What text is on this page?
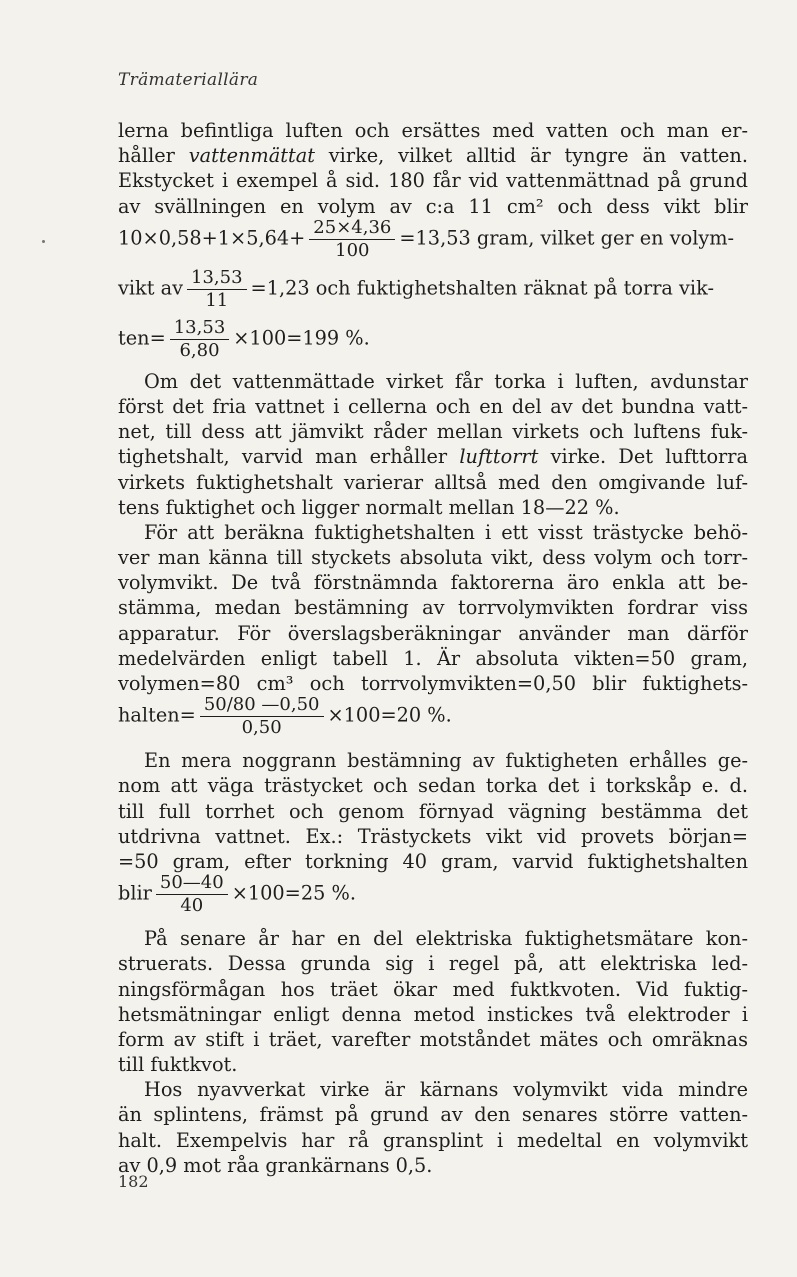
Trämateriallära
lerna befintliga luften och ersättes med vatten och man er-
håller vattenmättat virke, vilket alltid är tyngre än vatten.
Ekstycket i exempel å sid. 180 får vid vattenmättnad på grund
av svällningen en volym av c:a 11 cm² och dess vikt blir
$10\times 0,58+1\times 5,64+ \frac{25\times 4,36}{100} =13,53$ gram, vilket ger en volym-
vikt av $\frac{13,53}{11} =1,23$ och fuktighetshalten räknat på torra vik-
$ten= \frac{13,53}{6,80} \times 100=199$ %.
Om det vattenmättade virket får torka i luften, avdunstar
först det fria vattnet i cellerna och en del av det bundna vatt-
net, till dess att jämvikt råder mellan virkets och luftens fuk-
tighetshalt, varvid man erhåller lufttorrt virke. Det lufttorra
virkets fuktighetshalt varierar alltså med den omgivande luf-
tens fuktighet och ligger normalt mellan 18—22 %.
För att beräkna fuktighetshalten i ett visst trästycke behö-
ver man känna till styckets absoluta vikt, dess volym och torr-
volymvikt. De två förstnämnda faktorerna äro enkla att be-
stämma, medan bestämning av torrvolymvikten fordrar viss
apparatur. För överslagsberäkningar använder man därför
medelvärden enligt tabell 1. Är absoluta vikten=50 gram,
volymen=80 cm³ och torrvolymvikten=0,50 blir fuktighets-
halten= $\frac{50/80 —0,50}{0,50} \times 100=20$ %.
En mera noggrann bestämning av fuktigheten erhålles ge-
nom att väga trästycket och sedan torka det i torkskåp e. d.
till full torrhet och genom förnyad vägning bestämma det
utdrivna vattnet. Ex.: Trästyckets vikt vid provets början=
=50 gram, efter torkning 40 gram, varvid fuktighetshalten
blir $\frac{50—40}{40} \times 100=25$ %.
På senare år har en del elektriska fuktighetsmätare kon-
struerats. Dessa grunda sig i regel på, att elektriska led-
ningsförmågan hos träet ökar med fuktkvoten. Vid fuktig-
hetsmätningar enligt denna metod instickes två elektroder i
form av stift i träet, varefter motståndet mätes och omräknas
till fuktkvot.
Hos nyavverkat virke är kärnans volymvikt vida mindre
än splintens, främst på grund av den senares större vatten-
halt. Exempelvis har rå gransplint i medeltal en volymvikt
av 0,9 mot råa grankärnans 0,5.
182
